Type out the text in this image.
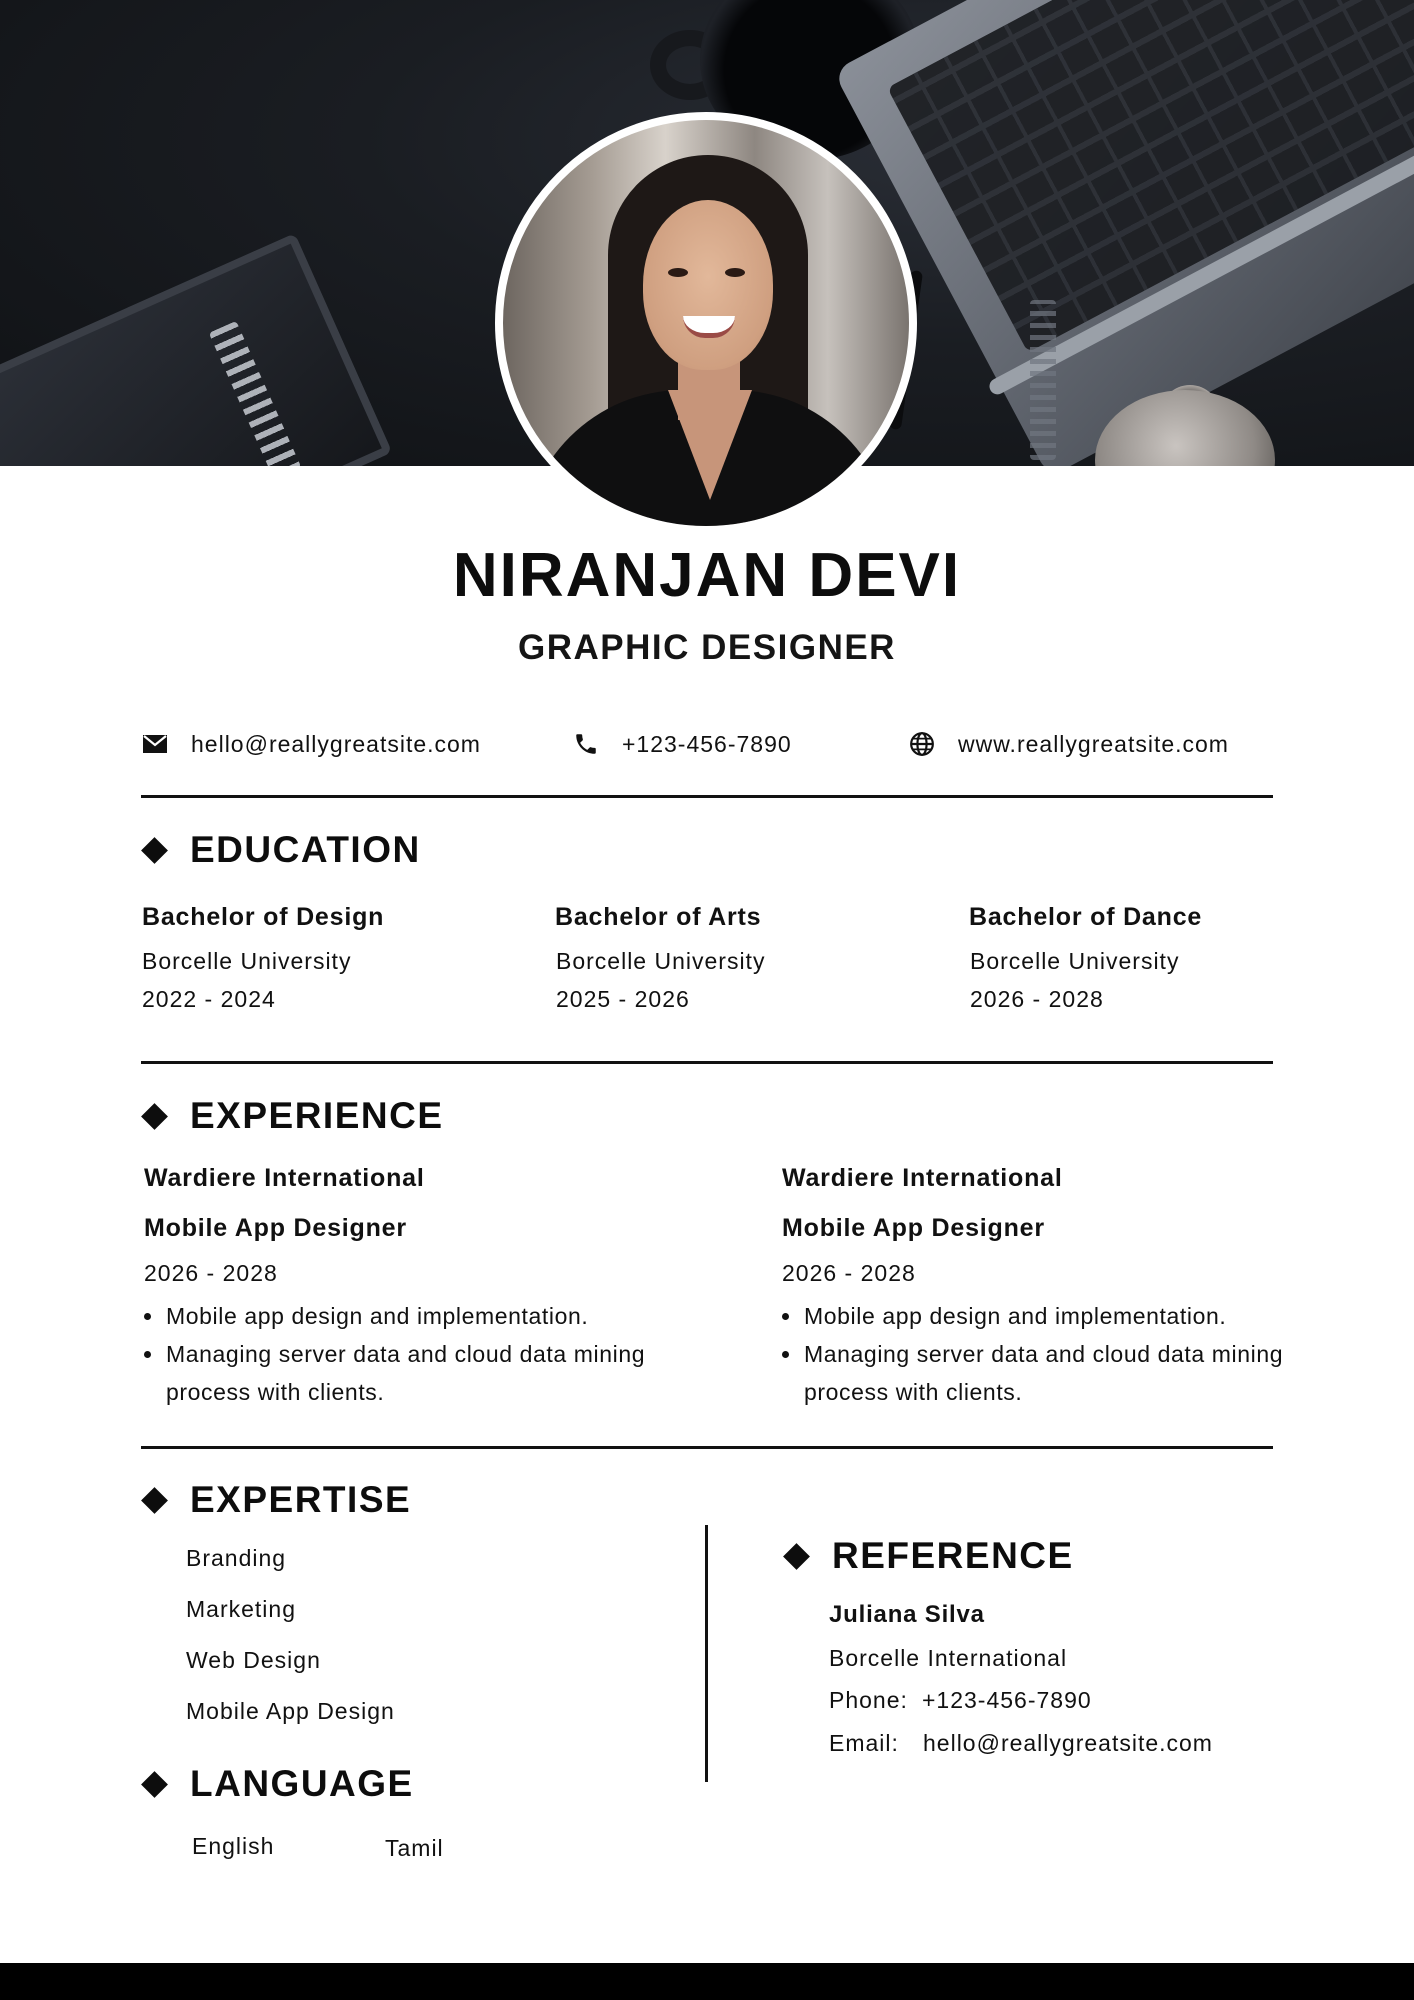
NIRANJAN DEVI
GRAPHIC DESIGNER
hello@reallygreatsite.com	+123-456-7890	www.reallygreatsite.com
EDUCATION
Bachelor of Design
Borcelle University
2022 - 2024
Bachelor of Arts
Borcelle University
2025 - 2026
Bachelor of Dance
Borcelle University
2026 - 2028
EXPERIENCE
Wardiere International
Mobile App Designer
2026 - 2028
Mobile app design and implementation.
Managing server data and cloud data mining process with clients.
Wardiere International
Mobile App Designer
2026 - 2028
Mobile app design and implementation.
Managing server data and cloud data mining process with clients.
EXPERTISE
Branding
Marketing
Web Design
Mobile App Design
LANGUAGE
English	Tamil
REFERENCE
Juliana Silva
Borcelle International
Phone: +123-456-7890
Email: hello@reallygreatsite.com
